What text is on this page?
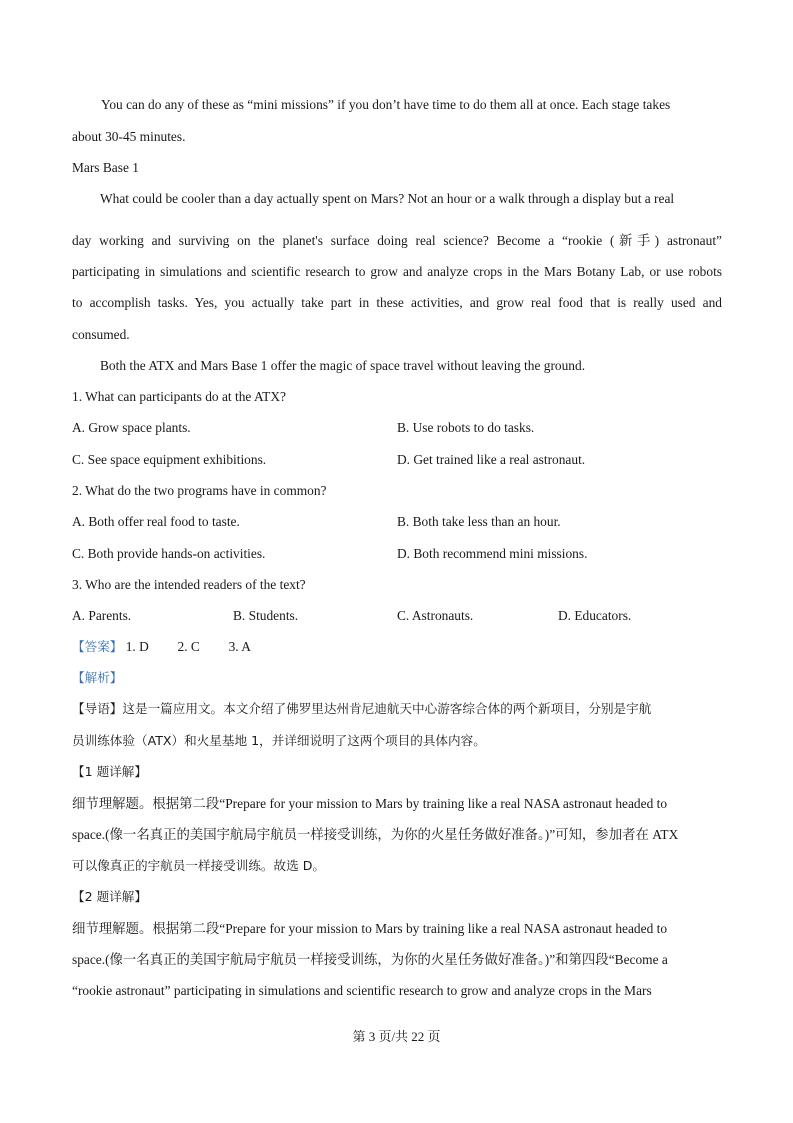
You can do any of these as “mini missions” if you don’t have time to do them all at once. Each stage takes
about 30-45 minutes.
Mars Base 1
What could be cooler than a day actually spent on Mars? Not an hour or a walk through a display but a real
day working and surviving on the planet's surface doing real science? Become a “rookie (新手) astronaut”
participating in simulations and scientific research to grow and analyze crops in the Mars Botany Lab, or use robots
to accomplish tasks. Yes, you actually take part in these activities, and grow real food that is really used and
consumed.
Both the ATX and Mars Base 1 offer the magic of space travel without leaving the ground.
1. What can participants do at the ATX?
A. Grow space plants.	B. Use robots to do tasks.
C. See space equipment exhibitions.	D. Get trained like a real astronaut.
2. What do the two programs have in common?
A. Both offer real food to taste.	B. Both take less than an hour.
C. Both provide hands-on activities.	D. Both recommend mini missions.
3. Who are the intended readers of the text?
A. Parents.	B. Students.	C. Astronauts.	D. Educators.
【答案】 1. D 2. C 3. A
【解析】
【导语】这是一篇应用文。本文介绍了佛罗里达州肯尼迪航天中心游客综合体的两个新项目，分别是宇航
员训练体验（ATX）和火星基地 1，并详细说明了这两个项目的具体内容。
【1 题详解】
细节理解题。根据第二段“Prepare for your mission to Mars by training like a real NASA astronaut headed to
space.(像一名真正的美国宇航局宇航员一样接受训练，为你的火星任务做好准备。)”可知，参加者在 ATX
可以像真正的宇航员一样接受训练。故选 D。
【2 题详解】
细节理解题。根据第二段“Prepare for your mission to Mars by training like a real NASA astronaut headed to
space.(像一名真正的美国宇航局宇航员一样接受训练，为你的火星任务做好准备。)”和第四段“Become a
“rookie astronaut” participating in simulations and scientific research to grow and analyze crops in the Mars
第 3 页/共 22 页
